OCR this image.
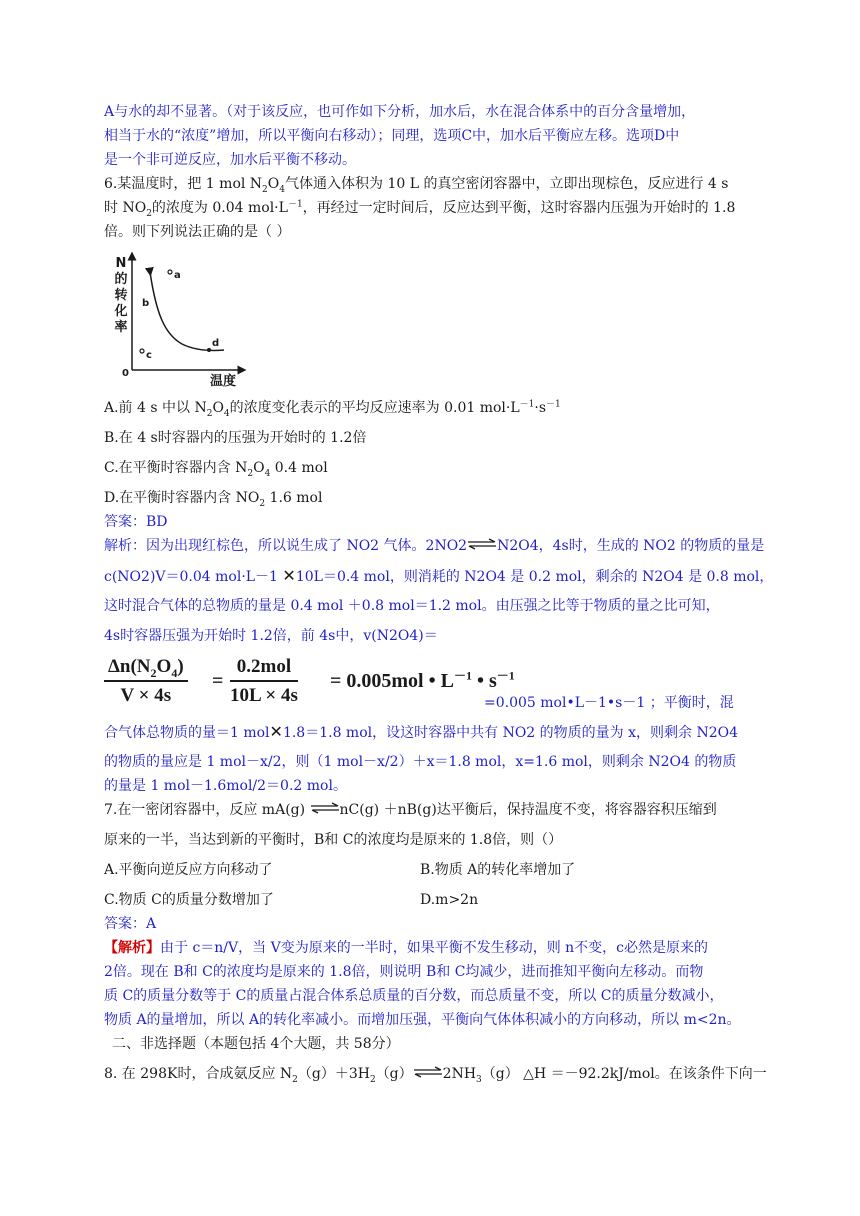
A与水的却不显著。（对于该反应，也可作如下分析，加水后，水在混合体系中的百分含量增加，
相当于水的“浓度”增加，所以平衡向右移动）；同理，选项C中，加水后平衡应左移。选项D中
是一个非可逆反应，加水后平衡不移动。
6.某温度时，把 1 mol $N_2O_4$气体通入体积为 10 L 的真空密闭容器中，立即出现棕色，反应进行 4 s
时 $NO_2$的浓度为 0.04 $mol\cdot L^{-1}$，再经过一定时间后，反应达到平衡，这时容器内压强为开始时的 1.8
倍。则下列说法正确的是（ ）
N
的
转
化
率
0
a
b
c
d
温度
A.前 4 s 中以 $N_2O_4$的浓度变化表示的平均反应速率为 0.01 $mol\cdot L^{-1}\cdot s^{-1}$
B.在 4 s时容器内的压强为开始时的 1.2倍
C.在平衡时容器内含 $N_2O_4$ 0.4 mol
D.在平衡时容器内含 $NO_2$ 1.6 mol
答案：BD
解析：因为出现红棕色，所以说生成了 NO2 气体。2NO2⇌N2O4，4s时，生成的 NO2 的物质的量是
c(NO2)V＝0.04 mol·L－1 ✕10L＝0.4 mol，则消耗的 N2O4 是 0.2 mol，剩余的 N2O4 是 0.8 mol，
这时混合气体的总物质的量是 0.4 mol ＋0.8 mol＝1.2 mol。由压强之比等于物质的量之比可知，
4s时容器压强为开始时 1.2倍，前 4s中，v(N2O4)＝
$\frac{\Delta n(N_2O_4)}{V \times 4s}$ =
0.2mol
10L × 4s
= 0.005mol • $L^{-1}$ • $s^{-1}$
=0.005 mol•L－1•s－1 ；平衡时，混
合气体总物质的量＝1 mol✕1.8＝1.8 mol，设这时容器中共有 NO2 的物质的量为 x，则剩余 N2O4
的物质的量应是 1 mol－x/2，则（1 mol－x/2）＋x＝1.8 mol，x=1.6 mol，则剩余 N2O4 的物质
的量是 1 mol－1.6mol/2＝0.2 mol。
7.在一密闭容器中，反应 mA(g) ⇌nC(g) ＋nB(g)达平衡后，保持温度不变，将容器容积压缩到
原来的一半，当达到新的平衡时，B和 C的浓度均是原来的 1.8倍，则（）
A.平衡向逆反应方向移动了	B.物质 A的转化率增加了
C.物质 C的质量分数增加了	D.m>2n
答案：A
【解析】由于 c＝n/V，当 V变为原来的一半时，如果平衡不发生移动，则 n不变，c必然是原来的
2倍。现在 B和 C的浓度均是原来的 1.8倍，则说明 B和 C均减少，进而推知平衡向左移动。而物
质 C的质量分数等于 C的质量占混合体系总质量的百分数，而总质量不变，所以 C的质量分数减小，
物质 A的量增加，所以 A的转化率减小。而增加压强，平衡向气体体积减小的方向移动，所以 m<2n。
二、非选择题（本题包括 4个大题，共 58分）
8. 在 298K时，合成氨反应 $N_2(g)+3H_2(g)\rightleftharpoons 2NH_3(g)$ △H ＝－92.2kJ/mol。在该条件下向一
